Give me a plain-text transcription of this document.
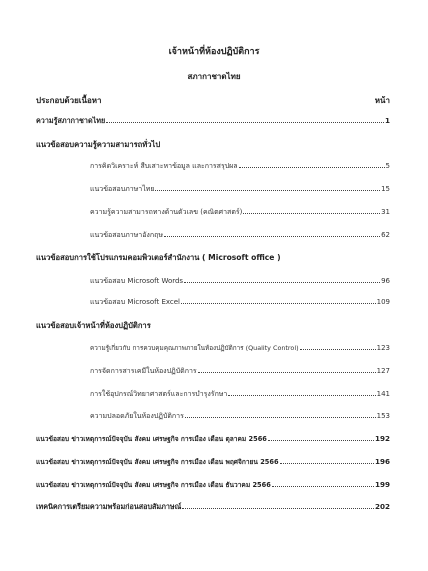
เจ้าหน้าที่ห้องปฏิบัติการ
สภากาชาดไทย
ประกอบด้วยเนื้อหา	หน้า
ความรู้สภากาชาดไทย	1
แนวข้อสอบความรู้ความสามารถทั่วไป
การคิดวิเคราะห์ สืบเสาะหาข้อมูล และการสรุปผล	5
แนวข้อสอบภาษาไทย	15
ความรู้ความสามารถทางด้านตัวเลข (คณิตศาสตร์)	31
แนวข้อสอบภาษาอังกฤษ	62
แนวข้อสอบการใช้โปรแกรมคอมพิวเตอร์สำนักงาน ( Microsoft office )
แนวข้อสอบ Microsoft Words	96
แนวข้อสอบ Microsoft Excel	109
แนวข้อสอบเจ้าหน้าที่ห้องปฏิบัติการ
ความรู้เกี่ยวกับ การควบคุมคุณภาพภายในห้องปฏิบัติการ (Quality Control)	123
การจัดการสารเคมีในห้องปฏิบัติการ	127
การใช้อุปกรณ์วิทยาศาสตร์และการบำรุงรักษา	141
ความปลอดภัยในห้องปฏิบัติการ	153
แนวข้อสอบ ข่าวเหตุการณ์ปัจจุบัน สังคม เศรษฐกิจ การเมือง เดือน ตุลาคม 2566	192
แนวข้อสอบ ข่าวเหตุการณ์ปัจจุบัน สังคม เศรษฐกิจ การเมือง เดือน พฤศจิกายน 2566	196
แนวข้อสอบ ข่าวเหตุการณ์ปัจจุบัน สังคม เศรษฐกิจ การเมือง เดือน ธันวาคม 2566	199
เทคนิคการเตรียมความพร้อมก่อนสอบสัมภาษณ์	202
